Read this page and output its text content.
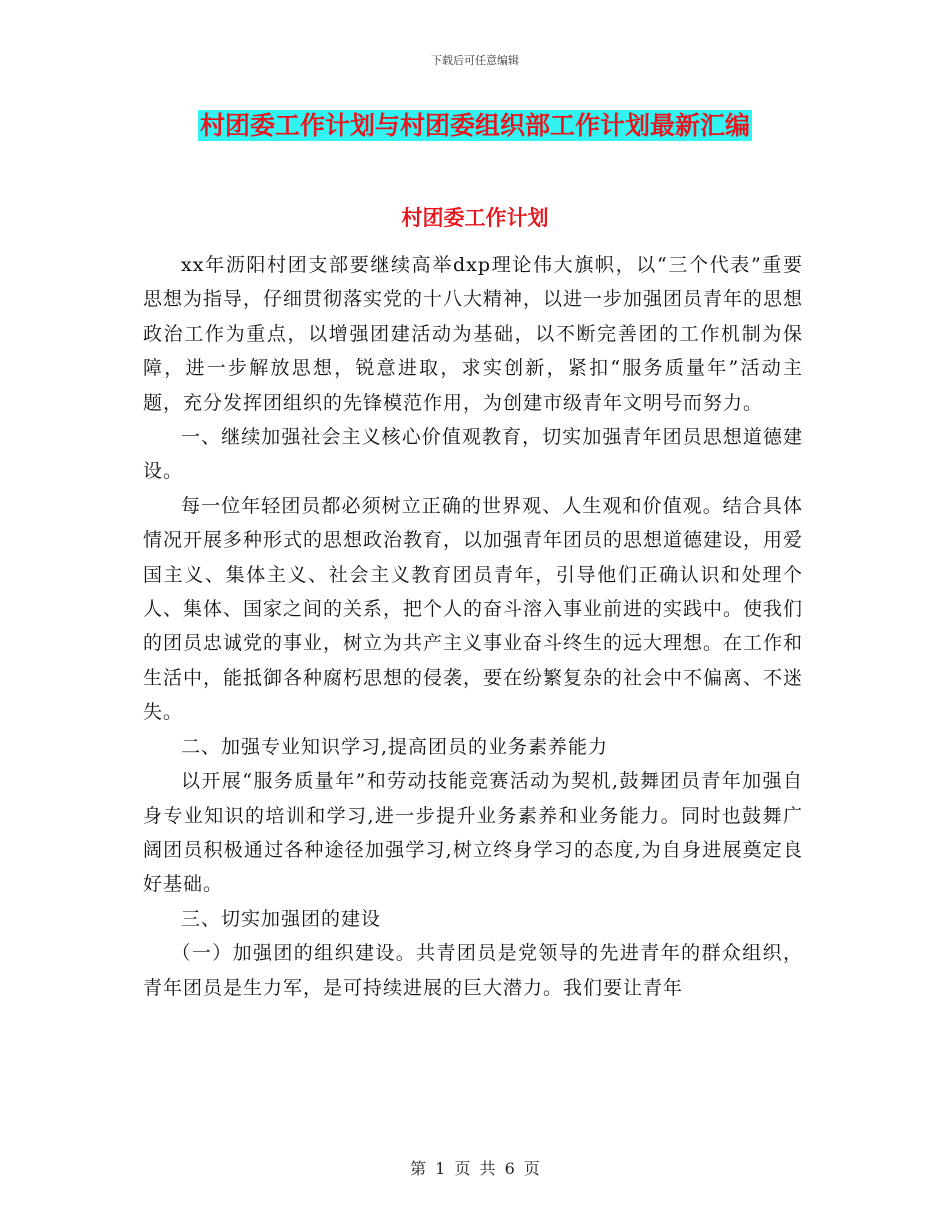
下载后可任意编辑
村团委工作计划与村团委组织部工作计划最新汇编
村团委工作计划

xx年沥阳村团支部要继续高举dxp理论伟大旗帜，以“三个代表”重要思想为指导，仔细贯彻落实党的十八大精神，以进一步加强团员青年的思想政治工作为重点，以增强团建活动为基础，以不断完善团的工作机制为保障，进一步解放思想，锐意进取，求实创新，紧扣“服务质量年”活动主题，充分发挥团组织的先锋模范作用，为创建市级青年文明号而努力。

一、继续加强社会主义核心价值观教育，切实加强青年团员思想道德建设。

每一位年轻团员都必须树立正确的世界观、人生观和价值观。结合具体情况开展多种形式的思想政治教育，以加强青年团员的思想道德建设，用爱国主义、集体主义、社会主义教育团员青年，引导他们正确认识和处理个人、集体、国家之间的关系，把个人的奋斗溶入事业前进的实践中。使我们的团员忠诚党的事业，树立为共产主义事业奋斗终生的远大理想。在工作和生活中，能抵御各种腐朽思想的侵袭，要在纷繁复杂的社会中不偏离、不迷失。

二、加强专业知识学习,提高团员的业务素养能力

以开展“服务质量年”和劳动技能竞赛活动为契机,鼓舞团员青年加强自身专业知识的培训和学习,进一步提升业务素养和业务能力。同时也鼓舞广阔团员积极通过各种途径加强学习,树立终身学习的态度,为自身进展奠定良好基础。

三、切实加强团的建设

（一）加强团的组织建设。共青团员是党领导的先进青年的群众组织，青年团员是生力军，是可持续进展的巨大潜力。我们要让青年

第 1 页 共 6 页
